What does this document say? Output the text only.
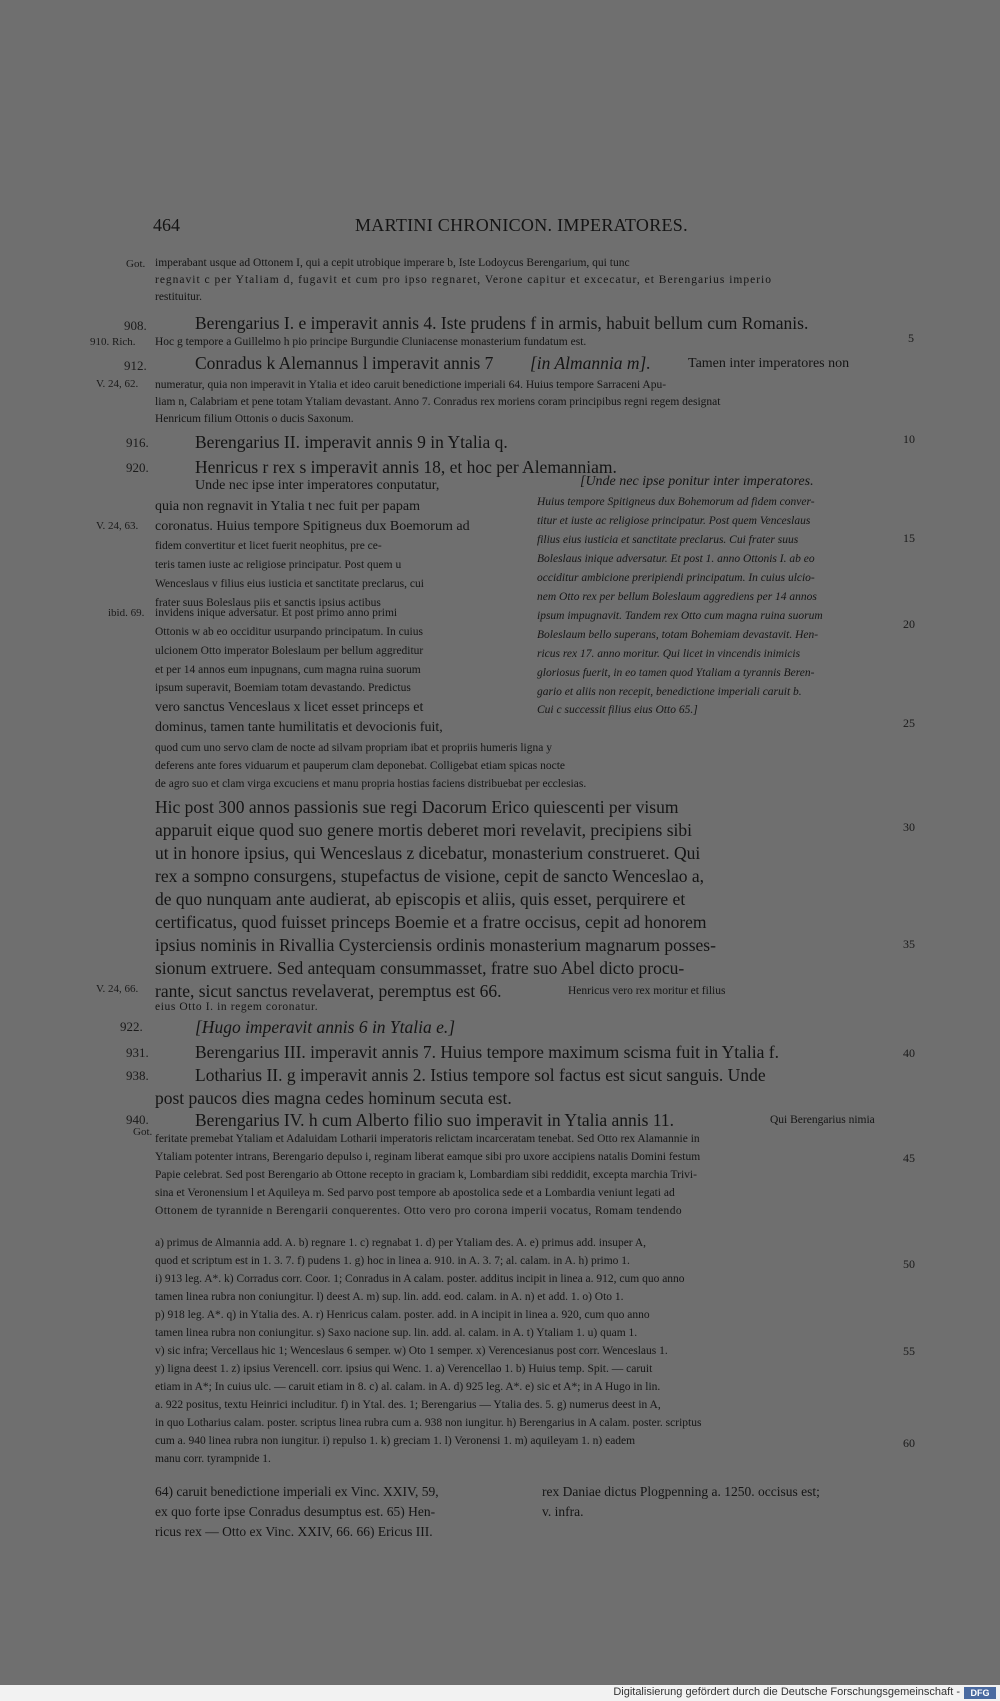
464	MARTINI CHRONICON. IMPERATORES.
Got.
908.
910. Rich.
912.
V. 24, 62.
916.
920.
V. 24, 63.
ibid. 69.
V. 24, 66.
922.
931.
938.
940.
Got.
5
10
15
20
25
30
35
40
45
50
55
60
imperabant usque ad Ottonem I, qui a cepit utrobique imperare b, Iste Lodoycus Berengarium, qui tunc
regnavit c per Ytaliam d, fugavit et cum pro ipso regnaret, Verone capitur et excecatur, et Berengarius imperio
restituitur.
Berengarius I. e imperavit annis 4. Iste prudens f in armis, habuit bellum cum Romanis.
Hoc g tempore a Guillelmo h pio principe Burgundie Cluniacense monasterium fundatum est.
Conradus k Alemannus l imperavit annis 7 [in Almannia m].	Tamen inter imperatores non
numeratur, quia non imperavit in Ytalia et ideo caruit benedictione imperiali 64. Huius tempore Sarraceni Apu-
liam n, Calabriam et pene totam Ytaliam devastant. Anno 7. Conradus rex moriens coram principibus regni regem designat
Henricum filium Ottonis o ducis Saxonum.
Berengarius II. imperavit annis 9 in Ytalia q.
Henricus r rex s imperavit annis 18, et hoc per Alemanniam.
Unde nec ipse inter imperatores conputatur,
quia non regnavit in Ytalia t nec fuit per papam
coronatus. Huius tempore Spitigneus dux Boemorum ad
fidem convertitur et licet fuerit neophitus, pre ce-
teris tamen iuste ac religiose principatur. Post quem u
Wenceslaus v filius eius iusticia et sanctitate preclarus, cui
frater suus Boleslaus piis et sanctis ipsius actibus
invidens inique adversatur. Et post primo anno primi
Ottonis w ab eo occiditur usurpando principatum. In cuius
ulcionem Otto imperator Boleslaum per bellum aggreditur
et per 14 annos eum inpugnans, cum magna ruina suorum
ipsum superavit, Boemiam totam devastando. Predictus
vero sanctus Venceslaus x licet esset princeps et
[Unde nec ipse ponitur inter imperatores.
Huius tempore Spitigneus dux Bohemorum ad fidem conver-
titur et iuste ac religiose principatur. Post quem Venceslaus
filius eius iusticia et sanctitate preclarus. Cui frater suus
Boleslaus inique adversatur. Et post 1. anno Ottonis I. ab eo
occiditur ambicione preripiendi principatum. In cuius ulcio-
nem Otto rex per bellum Boleslaum aggrediens per 14 annos
ipsum impugnavit. Tandem rex Otto cum magna ruina suorum
Boleslaum bello superans, totam Bohemiam devastavit. Hen-
ricus rex 17. anno moritur. Qui licet in vincendis inimicis
gloriosus fuerit, in eo tamen quod Ytaliam a tyrannis Beren-
gario et aliis non recepit, benedictione imperiali caruit b.
Cui c successit filius eius Otto 65.]
dominus, tamen tante humilitatis et devocionis fuit,
quod cum uno servo clam de nocte ad silvam propriam ibat et propriis humeris ligna y
deferens ante fores viduarum et pauperum clam deponebat. Colligebat etiam spicas nocte
de agro suo et clam virga excuciens et manu propria hostias faciens distribuebat per ecclesias.
Hic post 300 annos passionis sue regi Dacorum Erico quiescenti per visum
apparuit eique quod suo genere mortis deberet mori revelavit, precipiens sibi
ut in honore ipsius, qui Wenceslaus z dicebatur, monasterium construeret. Qui
rex a sompno consurgens, stupefactus de visione, cepit de sancto Wenceslao a,
de quo nunquam ante audierat, ab episcopis et aliis, quis esset, perquirere et
certificatus, quod fuisset princeps Boemie et a fratre occisus, cepit ad honorem
ipsius nominis in Rivallia Cysterciensis ordinis monasterium magnarum posses-
sionum extruere. Sed antequam consummasset, fratre suo Abel dicto procu-
rante, sicut sanctus revelaverat, peremptus est 66.	Henricus vero rex moritur et filius
eius Otto I. in regem coronatur.
[Hugo imperavit annis 6 in Ytalia e.]
Berengarius III. imperavit annis 7. Huius tempore maximum scisma fuit in Ytalia f.
Lotharius II. g imperavit annis 2. Istius tempore sol factus est sicut sanguis. Unde
post paucos dies magna cedes hominum secuta est.
Berengarius IV. h cum Alberto filio suo imperavit in Ytalia annis 11.	Qui Berengarius nimia
feritate premebat Ytaliam et Adaluidam Lotharii imperatoris relictam incarceratam tenebat. Sed Otto rex Alamannie in
Ytaliam potenter intrans, Berengario depulso i, reginam liberat eamque sibi pro uxore accipiens natalis Domini festum
Papie celebrat. Sed post Berengario ab Ottone recepto in graciam k, Lombardiam sibi reddidit, excepta marchia Trivi-
sina et Veronensium l et Aquileya m. Sed parvo post tempore ab apostolica sede et a Lombardia veniunt legati ad
Ottonem de tyrannide n Berengarii conquerentes. Otto vero pro corona imperii vocatus, Romam tendendo
a) primus de Almannia add. A. b) regnare 1. c) regnabat 1. d) per Ytaliam des. A. e) primus add. insuper A,
quod et scriptum est in 1. 3. 7. f) pudens 1. g) hoc in linea a. 910. in A. 3. 7; al. calam. in A. h) primo 1.
i) 913 leg. A*. k) Corradus corr. Coor. 1; Conradus in A calam. poster. additus incipit in linea a. 912, cum quo anno
tamen linea rubra non coniungitur. l) deest A. m) sup. lin. add. eod. calam. in A. n) et add. 1. o) Oto 1.
p) 918 leg. A*. q) in Ytalia des. A. r) Henricus calam. poster. add. in A incipit in linea a. 920, cum quo anno
tamen linea rubra non coniungitur. s) Saxo nacione sup. lin. add. al. calam. in A. t) Ytaliam 1. u) quam 1.
v) sic infra; Vercellaus hic 1; Wenceslaus 6 semper. w) Oto 1 semper. x) Verencesianus post corr. Wenceslaus 1.
y) ligna deest 1. z) ipsius Verencell. corr. ipsius qui Wenc. 1. a) Verencellao 1. b) Huius temp. Spit. — caruit
etiam in A*; In cuius ulc. — caruit etiam in 8. c) al. calam. in A. d) 925 leg. A*. e) sic et A*; in A Hugo in lin.
a. 922 positus, textu Heinrici includitur. f) in Ytal. des. 1; Berengarius — Ytalia des. 5. g) numerus deest in A,
in quo Lotharius calam. poster. scriptus linea rubra cum a. 938 non iungitur. h) Berengarius in A calam. poster. scriptus
cum a. 940 linea rubra non iungitur. i) repulso 1. k) greciam 1. l) Veronensi 1. m) aquileyam 1. n) eadem
manu corr. tyrampnide 1.
64) caruit benedictione imperiali ex Vinc. XXIV, 59,
ex quo forte ipse Conradus desumptus est. 65) Hen-
ricus rex — Otto ex Vinc. XXIV, 66. 66) Ericus III.
rex Daniae dictus Plogpenning a. 1250. occisus est;
v. infra.
Digitalisierung gefördert durch die Deutsche Forschungsgemeinschaft -	DFG
